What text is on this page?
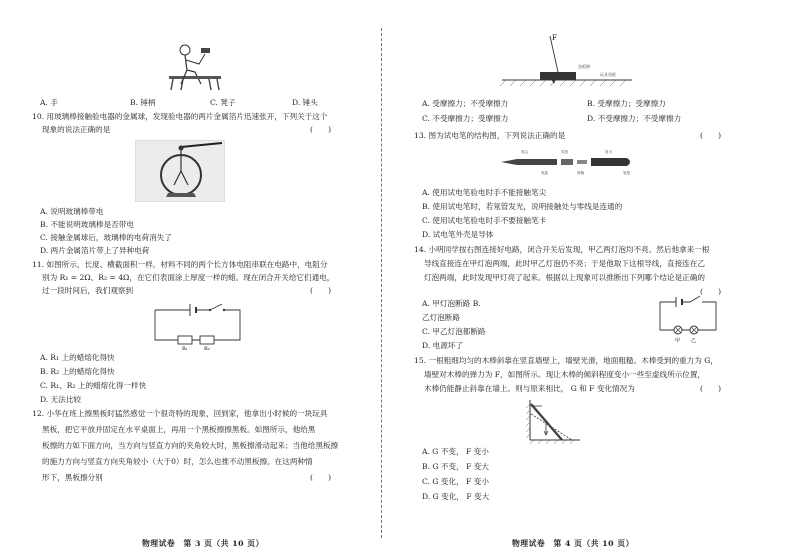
A. 手	B. 锤柄	C. 凳子	D. 锤头
10. 用玻璃棒接触验电器的金属球，发现验电器的两片金属箔片迅速张开，下列关于这个
现象的说法正确的是	(　　)
A. 说明玻璃棒带电
B. 不能说明玻璃棒是否带电
C. 接触金属球后，玻璃棒的电荷消失了
D. 两片金属箔片带上了异种电荷
11. 如图所示，长度、横截面积一样，材料不同的两个长方体电阻串联在电路中，电阻分
别为 R₁ = 2Ω、R₂ = 4Ω，在它们表面涂上厚度一样的蜡。现在闭合开关给它们通电，
过一段时间后，我们观察到	(　　)
R₁	R₂
A. R₁ 上的蜡熔化得快
B. R₂ 上的蜡熔化得快
C. R₁、R₂ 上的蜡熔化得一样快
D. 无法比较
12. 小华在班上擦黑板时猛然感觉一个很奇特的现象，回到家，他拿出小时候的一块玩具
黑板，把它平放并固定在水平桌面上，再用一个黑板擦擦黑板。如图所示，他给黑
板擦的力如下面方向，当方向与竖直方向的夹角较大时，黑板擦滑动起来；当他给黑板擦
的施力方向与竖直方向夹角较小（大于0）时，怎么也推不动黑板擦。在这两种情
形下，黑板擦分别	(　　)
物理试卷　第 3 页（共 10 页）
F
黑板擦
玩具黑板
A. 受摩擦力；不受摩擦力	B. 受摩擦力；受摩擦力
C. 不受摩擦力；受摩擦力	D. 不受摩擦力；不受摩擦力
13. 图为试电笔的结构图，下列说法正确的是	(　　)
笔尖
电阻
氖管
弹簧
笔卡
笔尾
A. 使用试电笔验电时手不能接触笔尖
B. 使用试电笔时，若氖管发光，说明接触处与零线是连通的
C. 使用试电笔验电时手不要接触笔卡
D. 试电笔外壳是导体
14. 小明同学按右图连接好电路，闭合开关后发现，甲乙两灯泡均不亮。然后他拿来一根
导线直接连在甲灯泡两端，此时甲乙灯泡仍不亮；于是他取下这根导线，直接连在乙
灯泡两端，此时发现甲灯亮了起来。根据以上现象可以推断出下列哪个结论是正确的
(　　)
A. 甲灯泡断路 B.
乙灯泡断路
C. 甲乙灯泡都断路
D. 电源坏了	甲 乙
15. 一根粗细均匀的木棒斜靠在竖直墙壁上，墙壁光滑，地面粗糙。木棒受到的重力为 G，
墙壁对木棒的弹力为 F，如图所示。现让木棒的倾斜程度变小一些至虚线所示位置，
木棒仍能静止斜靠在墙上。则与原来相比， G 和 F 变化情况为	(　　)
A. G 不变， F 变小
B. G 不变， F 变大
C. G 变化， F 变小
D. G 变化， F 变大
物理试卷　第 4 页（共 10 页）
